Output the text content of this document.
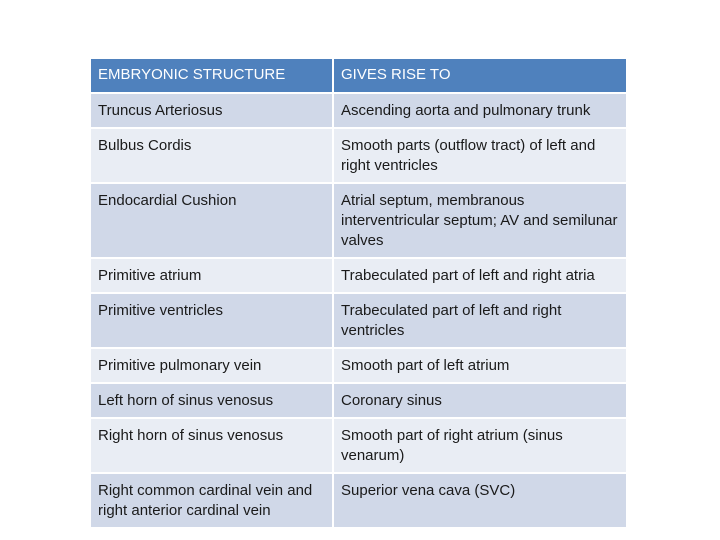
EMBRYONIC STRUCTURE	GIVES RISE TO
Truncus Arteriosus	Ascending aorta and pulmonary trunk
Bulbus Cordis	Smooth parts (outflow tract) of left and right ventricles
Endocardial Cushion	Atrial septum, membranous interventricular septum; AV and semilunar valves
Primitive atrium	Trabeculated part of left and right atria
Primitive ventricles	Trabeculated part of left and right ventricles
Primitive pulmonary vein	Smooth part of left atrium
Left horn of sinus venosus	Coronary sinus
Right horn of sinus venosus	Smooth part of right atrium (sinus venarum)
Right common cardinal vein and right anterior cardinal vein	Superior vena cava (SVC)
